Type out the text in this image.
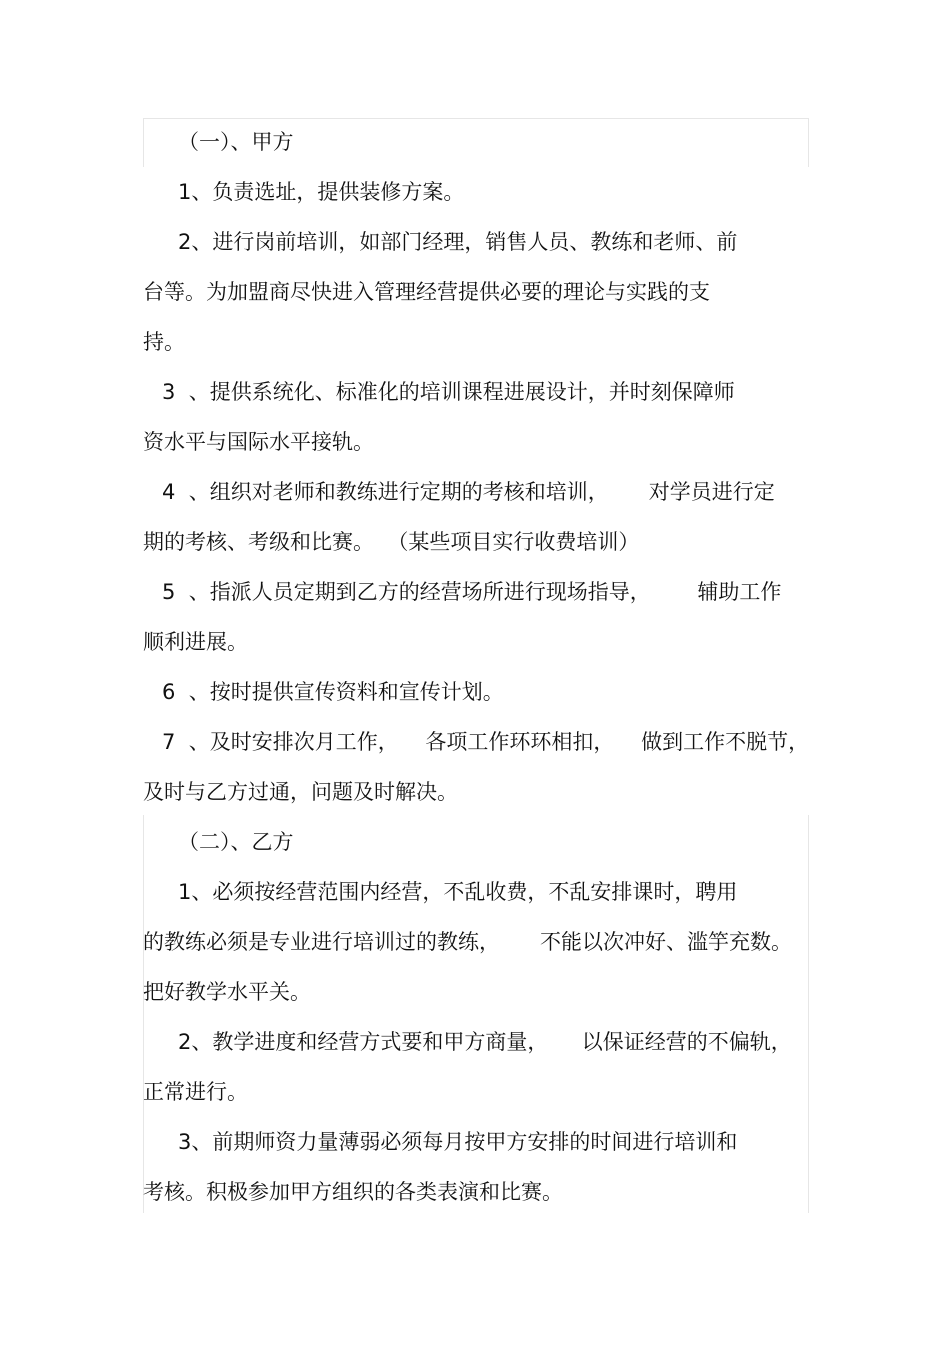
（一）、甲方
1、负责选址，提供装修方案。
2、进行岗前培训，如部门经理，销售人员、教练和老师、前
台等。为加盟商尽快进入管理经营提供必要的理论与实践的支
持。
3  、提供系统化、标准化的培训课程进展设计，并时刻保障师
资水平与国际水平接轨。
4  、组织对老师和教练进行定期的考核和培训，      对学员进行定
期的考核、考级和比赛。  （某些项目实行收费培训）
5  、指派人员定期到乙方的经营场所进行现场指导，       辅助工作
顺利进展。
6  、按时提供宣传资料和宣传计划。
7  、及时安排次月工作，    各项工作环环相扣，    做到工作不脱节，
及时与乙方过通，问题及时解决。
（二）、乙方
1、必须按经营范围内经营，不乱收费，不乱安排课时，聘用
的教练必须是专业进行培训过的教练，      不能以次冲好、滥竽充数。
把好教学水平关。
2、教学进度和经营方式要和甲方商量，     以保证经营的不偏轨，
正常进行。
3、前期师资力量薄弱必须每月按甲方安排的时间进行培训和
考核。积极参加甲方组织的各类表演和比赛。
